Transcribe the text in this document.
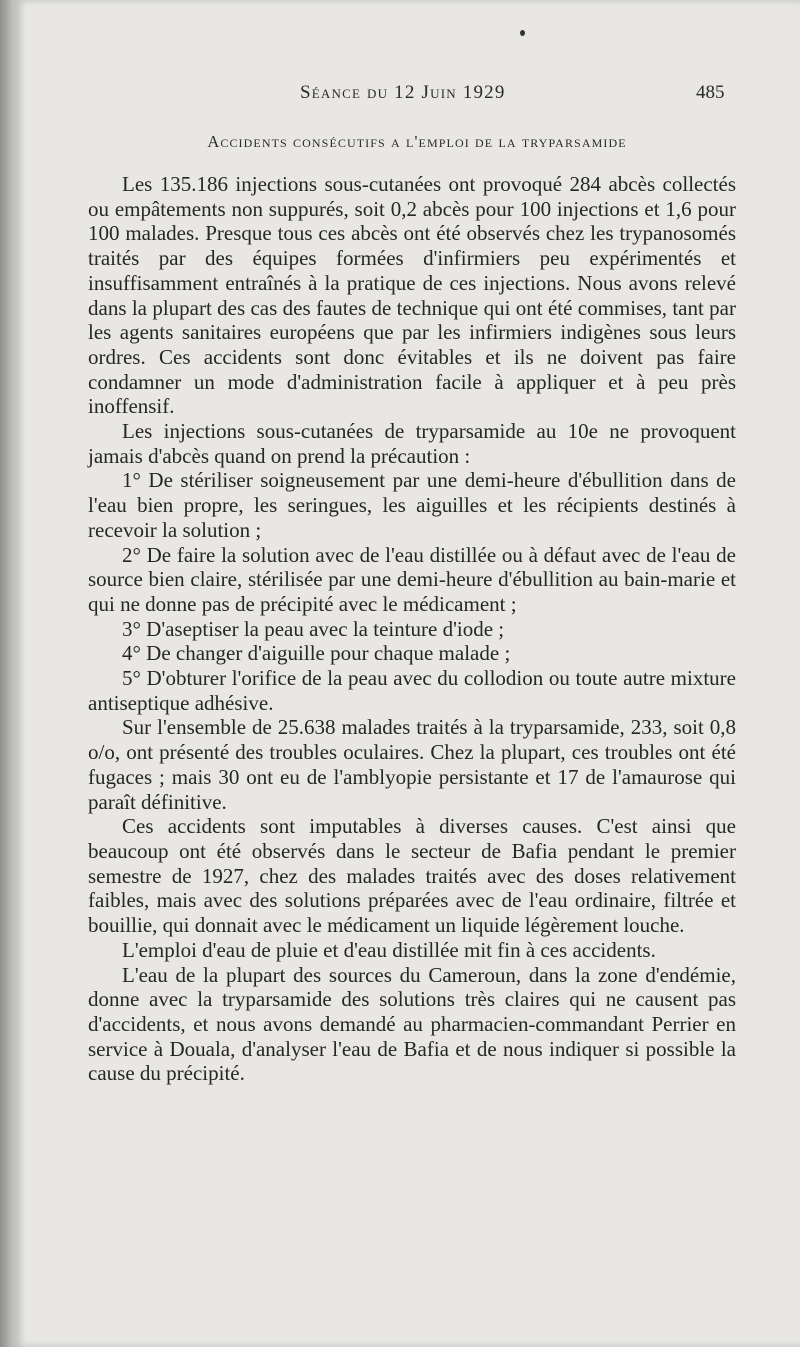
Séance du 12 Juin 1929	485
Accidents consécutifs a l'emploi de la tryparsamide

Les 135.186 injections sous-cutanées ont provoqué 284 abcès collectés ou empâtements non suppurés, soit 0,2 abcès pour 100 injections et 1,6 pour 100 malades. Presque tous ces abcès ont été observés chez les trypanosomés traités par des équipes formées d'infirmiers peu expérimentés et insuffisamment entraînés à la pratique de ces injections. Nous avons relevé dans la plupart des cas des fautes de technique qui ont été commises, tant par les agents sanitaires européens que par les infirmiers indigènes sous leurs ordres. Ces accidents sont donc évitables et ils ne doivent pas faire condamner un mode d'administration facile à appliquer et à peu près inoffensif.

Les injections sous-cutanées de tryparsamide au 10e ne provoquent jamais d'abcès quand on prend la précaution :

1° De stériliser soigneusement par une demi-heure d'ébullition dans de l'eau bien propre, les seringues, les aiguilles et les récipients destinés à recevoir la solution ;

2° De faire la solution avec de l'eau distillée ou à défaut avec de l'eau de source bien claire, stérilisée par une demi-heure d'ébullition au bain-marie et qui ne donne pas de précipité avec le médicament ;

3° D'aseptiser la peau avec la teinture d'iode ;

4° De changer d'aiguille pour chaque malade ;

5° D'obturer l'orifice de la peau avec du collodion ou toute autre mixture antiseptique adhésive.

Sur l'ensemble de 25.638 malades traités à la tryparsamide, 233, soit 0,8 o/o, ont présenté des troubles oculaires. Chez la plupart, ces troubles ont été fugaces ; mais 30 ont eu de l'amblyopie persistante et 17 de l'amaurose qui paraît définitive.

Ces accidents sont imputables à diverses causes. C'est ainsi que beaucoup ont été observés dans le secteur de Bafia pendant le premier semestre de 1927, chez des malades traités avec des doses relativement faibles, mais avec des solutions préparées avec de l'eau ordinaire, filtrée et bouillie, qui donnait avec le médicament un liquide légèrement louche.

L'emploi d'eau de pluie et d'eau distillée mit fin à ces accidents.

L'eau de la plupart des sources du Cameroun, dans la zone d'endémie, donne avec la tryparsamide des solutions très claires qui ne causent pas d'accidents, et nous avons demandé au pharmacien-commandant Perrier en service à Douala, d'analyser l'eau de Bafia et de nous indiquer si possible la cause du précipité.
